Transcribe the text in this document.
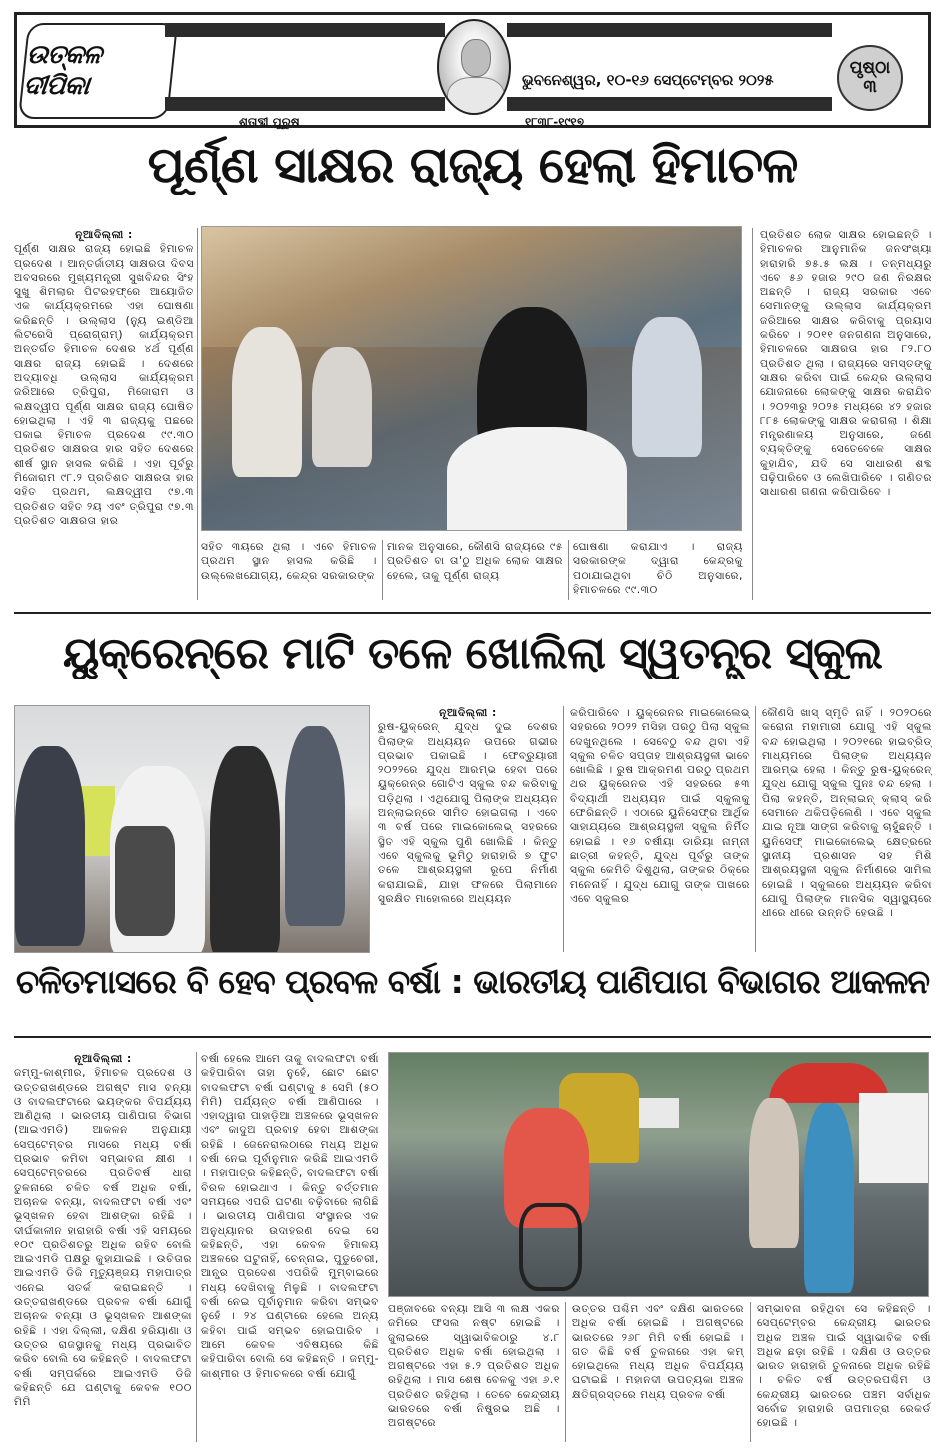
ଉତ୍କଳ ଦୀପିକା	ଭୁବନେଶ୍ୱର, ୧୦-୧୬ ସେପ୍ଟେମ୍ବର ୨୦୨୫
ପୃଷ୍ଠା
୩
ଶତାବ୍ଦୀ ପୁରୁଷ	୧୮୩୮-୧୯୧୭
ପୂର୍ଣ୍ଣ ସାକ୍ଷର ରାଜ୍ୟ ହେଲା ହିମାଚଳ
ନୂଆଦିଲ୍ଲୀ :
ପୂର୍ଣ୍ଣ ସାକ୍ଷର ରାଜ୍ୟ ହୋଇଛି ହିମାଚଳ ପ୍ରଦେଶ । ଆନ୍ତର୍ଜାତୀୟ ସାକ୍ଷରତା ଦିବସ ଅବସରରେ ମୁଖ୍ୟମନ୍ତ୍ରୀ ସୁଖବିନ୍ଦର ସିଂହ ସୁଖୁ ଶିମଲାର ପିଟରହଫ୍‌ରେ ଆୟୋଜିତ ଏକ କାର୍ଯ୍ୟକ୍ରମରେ ଏହା ଘୋଷଣା କରିଛନ୍ତି । ଉଲ୍ଲାସ (ନ୍ୟୁ ଇଣ୍ଡିଆ ଲିଟରେସି ପ୍ରୋଗ୍ରାମ୍) କାର୍ଯ୍ୟକ୍ରମ ଅନ୍ତର୍ଗତ ହିମାଚଳ ଦେଶର ୪ର୍ଥ ପୂର୍ଣ୍ଣ ସାକ୍ଷର ରାଜ୍ୟ ହୋଇଛି । ଦେଶରେ ଅଦ୍ୟାବଧି ଉଲ୍ଲାସ କାର୍ଯ୍ୟକ୍ରମ ଜରିଆରେ ତ୍ରିପୁରା, ମିଜୋରାମ ଓ ଲକ୍ଷଦ୍ୱୀପ ପୂର୍ଣ୍ଣ ସାକ୍ଷର ରାଜ୍ୟ ଘୋଷିତ ହୋଇଥିଲା । ଏହି ୩ ରାଜ୍ୟକୁ ପଛରେ ପକାଇ ହିମାଚଳ ପ୍ରଦେଶ ୯୯.୩୦ ପ୍ରତିଶତ ସାକ୍ଷରତା ହାର ସହିତ ଦେଶରେ ଶୀର୍ଷ ସ୍ଥାନ ହାସଲ କରିଛି । ଏହା ପୂର୍ବରୁ ମିଜୋରାମ ୯୮.୨ ପ୍ରତିଶତ ସାକ୍ଷରତା ହାର ସହିତ ପ୍ରଥମ, ଲକ୍ଷଦ୍ୱୀପ ୯୭.୩ ପ୍ରତିଶତ ସହିତ ୨ୟ ଏବଂ ତ୍ରିପୁରା ୯୭.୩ ପ୍ରତିଶତ ସାକ୍ଷରତା ହାର
ସହିତ ୩ୟରେ ଥିଲା । ଏବେ ହିମାଚଳ ପ୍ରଥମ ସ୍ଥାନ ହାସଲ କରିଛି । ଉଲ୍ଲେଖଯୋଗ୍ୟ, କେନ୍ଦ୍ର ସରକାରଙ୍କ
ମାନକ ଅନୁସାରେ, କୌଣସି ରାଜ୍ୟରେ ୯୫ ପ୍ରତିଶତ ବା ତା'ଠୁ ଅଧିକ ଲୋକ ସାକ୍ଷର ହେଲେ, ତାକୁ ପୂର୍ଣ୍ଣ ରାଜ୍ୟ
ଘୋଷଣା କରାଯାଏ । ରାଜ୍ୟ ସରକାରଙ୍କ ଦ୍ୱାରା କେନ୍ଦ୍ରକୁ ପଠାଯାଇଥିବା ଚିଠି ଅନୁସାରେ, ହିମାଚଳରେ ୯୯.୩୦
ପ୍ରତିଶତ ଲୋକ ସାକ୍ଷର ହୋଇଛନ୍ତି । ହିମାଚଳର ଆନୁମାନିକ ଜନସଂଖ୍ୟା ହାରାହାରି ୭୫.୫ ଲକ୍ଷ । ତନ୍ମଧ୍ୟରୁ ଏବେ ୫୬ ହଜାର ୨୯୦ ଜଣ ନିରକ୍ଷର ଅଛନ୍ତି । ରାଜ୍ୟ ସରକାର ଏବେ ସେମାନଙ୍କୁ ଉଲ୍ଲାସ କାର୍ଯ୍ୟକ୍ରମ ଜରିଆରେ ସାକ୍ଷର କରିବାକୁ ପ୍ରୟାସ କରିବେ । ୨୦୧୧ ଜନଗଣନା ଅନୁସାରେ, ହିମାଚଳରେ ସାକ୍ଷରତା ହାର ୮୨.୮୦ ପ୍ରତିଶତ ଥିଲା । ରାଜ୍ୟରେ ସମସ୍ତଙ୍କୁ ସାକ୍ଷର କରିବା ପାଇଁ କେନ୍ଦ୍ର ଉଲ୍ଲାସ ଯୋଜନାରେ ଲୋକଙ୍କୁ ସାକ୍ଷର କରାଯିବ । ୨୦୨୩ରୁ ୨୦୨୫ ମଧ୍ୟରେ ୪୨ ହଜାର ୮୮୫ ଲୋକଙ୍କୁ ସାକ୍ଷର କରାଗଲା । ଶିକ୍ଷା ମନ୍ତ୍ରଣାଳୟ ଅନୁସାରେ, ଜଣେ ବ୍ୟକ୍ତିଙ୍କୁ ସେତେବେଳେ ସାକ୍ଷର କୁହାଯିବ, ଯଦି ସେ ସାଧାରଣ ଶବ୍ଦ ପଢ଼ିପାରିବେ ଓ ଲେଖିପାରିବେ । ଗଣିତର ସାଧାରଣ ଗଣନା କରିପାରିବେ ।
ୟୁକ୍ରେନ୍‌ରେ ମାଟି ତଳେ ଖୋଲିଲା ସ୍ୱତନ୍ତ୍ର ସ୍କୁଲ
ନୂଆଦିଲ୍ଲୀ :
ରୁଷ-ୟୁକ୍ରେନ୍ ଯୁଦ୍ଧ ଦୁଇ ଦେଶର ପିଲାଙ୍କ ଅଧ୍ୟୟନ ଉପରେ ଗଭୀର ପ୍ରଭାବ ପକାଇଛି । ଫେବ୍ରୁୟାରୀ ୨୦୨୨ରେ ଯୁଦ୍ଧ ଆରମ୍ଭ ହେବା ପରେ ୟୁକ୍ରେନ୍‌ର ଗୋଟିଏ ସ୍କୁଲ ବନ୍ଦ କରିବାକୁ ପଡ଼ିଥିଲା । ଏଥିଯୋଗୁ ପିଲାଙ୍କ ଅଧ୍ୟୟନ ଅନ୍‌ଲାଇନ୍‌ରେ ସୀମିତ ହୋଇଗଲା । ଏବେ ୩ ବର୍ଷ ପରେ ମାଇକୋଲେଭ୍ ସହରରେ ସ୍ଥିତ ଏହି ସ୍କୁଲ ପୁଣି ଖୋଲିଛି । କିନ୍ତୁ ଏବେ ସ୍କୁଲକୁ ଭୂମିଠୁ ହାରାହାରି ୭ ଫୁଟ ତଳେ ଆଶ୍ରୟସ୍ଥଳୀ ରୂପେ ନିର୍ମାଣ କରାଯାଇଛି, ଯାହା ଫଳରେ ପିଲାମାନେ ସୁରକ୍ଷିତ ମାହୋଲରେ ଅଧ୍ୟୟନ
କରିପାରିବେ । ୟୁକ୍ରେନର ମାଇକୋଲେଭ୍ ସହରରେ ୨୦୨୨ ମସିହା ପରଠୁ ପିଲା ସ୍କୁଲ ଦେଖୁନଥିଲେ । ସେବେଠୁ ବନ୍ଦ ଥିବା ଏହି ସ୍କୁଲ ଚଳିତ ସପ୍ତାହ ଆଶ୍ରୟସ୍ଥଳୀ ଭାବେ ଖୋଲିଛି । ରୁଷ ଆକ୍ରମଣ ପରଠୁ ପ୍ରଥମ ଥର ୟୁକ୍ରେନର ଏହି ସହରରେ ୫୩ ବିଦ୍ୟାର୍ଥୀ ଅଧ୍ୟୟନ ପାଇଁ ସ୍କୁଲକୁ ଫେରିଛନ୍ତି । ଏଠାରେ ୟୁନିସେଫ୍‌ର ଆର୍ଥିକ ସାହାଯ୍ୟରେ ଆଶ୍ରୟସ୍ଥଳୀ ସ୍କୁଲ ନିର୍ମିତ ହୋଇଛି । ୧୬ ବର୍ଷୀୟା ଡାରିୟା ନାମ୍ନୀ ଛାତ୍ରୀ କହନ୍ତି, ଯୁଦ୍ଧ ପୂର୍ବରୁ ତାଙ୍କ ସ୍କୁଲ କେମିତି ଦିଶୁଥିଲା, ତାଙ୍କର ଠିକ୍‌ରେ ମନେନାହିଁ । ଯୁଦ୍ଧ ଯୋଗୁ ତାଙ୍କ ପାଖରେ ଏବେ ସ୍କୁଲର
କୌଣସି ଖାସ୍ ସ୍ମୃତି ନାହିଁ । ୨୦୨୦ରେ କରୋନା ମହାମାରୀ ଯୋଗୁ ଏହି ସ୍କୁଲ ବନ୍ଦ ହୋଇଥିଲା । ୨୦୨୧ରେ ହାଇବ୍ରିଡ୍ ମାଧ୍ୟମରେ ପିଲାଙ୍କ ଅଧ୍ୟୟନ ଆରମ୍ଭ ହେଲା । କିନ୍ତୁ ରୁଷ-ୟୁକ୍ରେନ୍ ଯୁଦ୍ଧ ଯୋଗୁ ସ୍କୁଲ ପୁନଃ ବନ୍ଦ ହେଲା । ପିଲା କହନ୍ତି, ଅନ୍‌ଲାଇନ୍ କ୍ଲାସ୍ କରି ସେମାନେ ଥକିପଡ଼ିଲେଣି । ଏବେ ସ୍କୁଲ ଯାଇ ନୂଆ ସାଙ୍ଗ କରିବାକୁ ଚାହୁଁଛନ୍ତି । ୟୁନିସେଫ୍ ମାଇକୋଲେଭ୍ କ୍ଷେତ୍ରରେ ସ୍ଥାନୀୟ ପ୍ରଶାସନ ସହ ମିଶି ଆଶ୍ରୟସ୍ଥଳୀ ସ୍କୁଲ ନିର୍ମାଣରେ ସାମିଲ ହୋଇଛି । ସ୍କୁଲରେ ଅଧ୍ୟୟନ କରିବା ଯୋଗୁ ପିଲାଙ୍କ ମାନସିକ ସ୍ୱାସ୍ଥ୍ୟରେ ଧୀରେ ଧୀରେ ଉନ୍ନତି ହେଉଛି ।
ଚଳିତମାସରେ ବି ହେବ ପ୍ରବଳ ବର୍ଷା : ଭାରତୀୟ ପାଣିପାଗ ବିଭାଗର ଆକଳନ
ନୂଆଦିଲ୍ଲୀ :
ଜମ୍ମୁ-କାଶ୍ମୀର, ହିମାଚଳ ପ୍ରଦେଶ ଓ ଉତ୍ତରାଖଣ୍ଡରେ ଅଗଷ୍ଟ ମାସ ବନ୍ୟା ଓ ବାଦଲଫଟାରେ ଭୟଙ୍କର ବିପର୍ଯ୍ୟୟ ଆଣିଥିଲା । ଭାରତୀୟ ପାଣିପାଗ ବିଭାଗ (ଆଇଏମଡି) ଆକଳନ ଅନୁଯାୟୀ ସେପ୍ଟେମ୍ବର ମାସରେ ମଧ୍ୟ ବର୍ଷା ପ୍ରଭାବ କମିବା ସମ୍ଭାବନା କ୍ଷୀଣ । ସେପ୍ଟେମ୍ବରରେ ପ୍ରତିବର୍ଷ ଧାରା ତୁଳନାରେ ଚଳିତ ବର୍ଷ ଅଧିକ ବର୍ଷା, ଅଚାନକ ବନ୍ୟା, ବାଦଲଫଟା ବର୍ଷା ଏବଂ ଭୂସ୍ଖଳନ ହେବା ଆଶଙ୍କା ରହିଛି । ଦୀର୍ଘକାଳୀନ ହାରାହାରି ବର୍ଷା ଏହି ସମୟରେ ୧୦୯ ପ୍ରତିଶତରୁ ଅଧିକ ରହିବ ବୋଲି ଆଇଏମଡି ପକ୍ଷରୁ କୁହାଯାଇଛି । ଉଚିତାର ଆଇଏମଡି ଡିଜି ମୃତ୍ୟୁଞ୍ଜୟ ମହାପାତ୍ର ଏନେଇ ସତର୍କ କରାଇଛନ୍ତି । ଉତ୍ତରାଖଣ୍ଡରେ ପ୍ରବଳ ବର୍ଷା ଯୋଗୁଁ ଅଚାନକ ବନ୍ୟା ଓ ଭୂସ୍ଖଳନ ଆଶଙ୍କା ରହିଛି । ଏହା ଦିଲ୍ଲୀ, ଦକ୍ଷିଣ ହରିୟାଣା ଓ ଉତ୍ତର ରାଜସ୍ଥାନକୁ ମଧ୍ୟ ପ୍ରଭାବିତ କରିବ ବୋଲି ସେ କହିଛନ୍ତି । ବାଦଲଫଟା ବର୍ଷା ସମ୍ପର୍କରେ ଆଇଏମଡି ଡିଜି କହିଛନ୍ତି ଯେ ଘଣ୍ଟାକୁ କେବଳ ୧୦୦ ମିମି
ବର୍ଷା ହେଲେ ଆମେ ତାକୁ ବାଦଲଫଟା ବର୍ଷା କହିପାରିବା ତାହା ନୁହେଁ, ଛୋଟ ଛୋଟ ବାଦଲଫଟା ବର୍ଷା ଘଣ୍ଟାକୁ ୫ ସେମି (୫୦ ମିମି) ପର୍ଯ୍ୟନ୍ତ ବର୍ଷା ଆଣିପାରେ । ଏହାଦ୍ୱାରା ପାହାଡ଼ିଆ ଅଞ୍ଚଳରେ ଭୂସ୍ଖଳନ ଏବଂ କାଦୁଅ ପ୍ରବାହ ହେବା ଆଶଙ୍କା ରହିଛି । ଜେନେରାଲଠାରେ ମଧ୍ୟ ଅଧିକ ବର୍ଷା ନେଇ ପୂର୍ବାନୁମାନ କରିଛି ଆଇଏମଡି । ମହାପାତ୍ର କହିଛନ୍ତି, ବାଦଲଫଟା ବର୍ଷା ବିରଳ ହୋଇଥାଏ । କିନ୍ତୁ ବର୍ତ୍ତମାନ ସମୟରେ ଏପରି ଘଟଣା ବଢ଼ିବାରେ ଲାଗିଛି । ଭାରତୀୟ ପାଣିପାଗ ସଂସ୍ଥାନର ଏକ ଅନୁଧ୍ୟାନର ଉଦାହରଣ ଦେଇ ସେ କହିଛନ୍ତି, ଏହା କେବଳ ହିମାଳୟ ଅଞ୍ଚଳରେ ଘଟୁନାହିଁ, ଚେନ୍ନାଇ, ପୁଡୁଚେରୀ, ଆନ୍ଧ୍ର ପ୍ରଦେଶ ଏପରିକି ମୁମ୍ବାଇରେ ମଧ୍ୟ ଦେଖିବାକୁ ମିଳୁଛି । ବାଦଲଫଟା ବର୍ଷା ନେଇ ପୂର୍ବାନୁମାନ କରିବା ସମ୍ଭବ ନୁହେଁ । ୨୪ ଘଣ୍ଟାରେ ହେଲେ ଅନ୍ୟ କହିବା ପାଇଁ ସମ୍ଭବ ହୋଇପାରିବ । ଆମେ କେବଳ ଏବିଷୟରେ କିଛି କହିପାରିବା ବୋଲି ସେ କହିଛନ୍ତି । ଜମ୍ମୁ-କାଶ୍ମୀର ଓ ହିମାଚଳରେ ବର୍ଷା ଯୋଗୁଁ
ପଞ୍ଜାବରେ ବନ୍ୟା ଆସି ୩ ଲକ୍ଷ ଏକର ଜମିରେ ଫସଲ ନଷ୍ଟ ହୋଇଛି । ଜୁଲାଇରେ ସ୍ୱାଭାବିକଠାରୁ ୪.୮ ପ୍ରତିଶତ ଅଧିକ ବର୍ଷା ହୋଇଥିଲା । ଅଗଷ୍ଟରେ ଏହା ୫.୨ ପ୍ରତିଶତ ଅଧିକ ରହିଥିଲା । ମାସ ଶେଷ ବେଳକୁ ଏହା ୬.୧ ପ୍ରତିଶତ ରହିଥିଲା । ତେବେ କେନ୍ଦ୍ରୀୟ ଭାରତରେ ବର୍ଷା ନିଷ୍ପ୍ରଭ ଅଛି । ଅଗଷ୍ଟରେ
ଉତ୍ତର ପଶ୍ଚିମ ଏବଂ ଦକ୍ଷିଣ ଭାରତରେ ଅଧିକ ବର୍ଷା ହୋଇଛି । ଅଗଷ୍ଟରେ ଭାରତରେ ୨୬୮ ମିମି ବର୍ଷା ହୋଇଛି । ଗତ କିଛି ବର୍ଷ ତୁଳନାରେ ଏହା କମ୍ ହୋଇଥିଲେ ମଧ୍ୟ ଅଧିକ ବିପର୍ଯ୍ୟୟ ଘଟାଇଛି । ମହାନଦୀ ଉପତ୍ୟକା ଅଞ୍ଚଳ କ୍ଷତିଗ୍ରସ୍ତରେ ମଧ୍ୟ ପ୍ରବଳ ବର୍ଷା
ସମ୍ଭାବନା ରହିଥିବା ସେ କହିଛନ୍ତି । ସେପ୍ଟେମ୍ବର କେନ୍ଦ୍ରୀୟ ଭାରତର ଅଧିକ ଅଞ୍ଚଳ ପାଇଁ ସ୍ୱାଭାବିକ ବର୍ଷା ଅଧିକ ଛଡ଼ା ରହିଛି । ଦକ୍ଷିଣ ଓ ଉତ୍ତର ଭାରତ ହାରାହାରି ତୁଳନାରେ ଅଧିକ ରହିଛି । ଚଳିତ ବର୍ଷ ଉତ୍ତରପଶ୍ଚିମ ଓ କେନ୍ଦ୍ରୀୟ ଭାରତରେ ପଞ୍ଚମ ସର୍ବାଧିକ ସର୍ବୋଚ୍ଚ ହାରାହାରି ତାପମାତ୍ରା ରେକର୍ଡ ହୋଇଛି ।
